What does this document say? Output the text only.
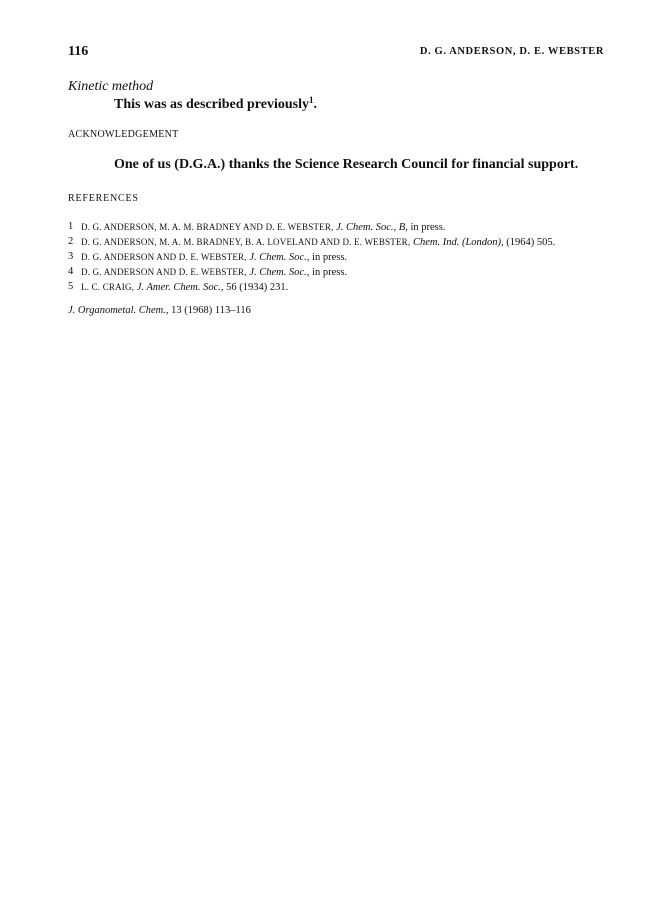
116	D. G. ANDERSON, D. E. WEBSTER
Kinetic method
This was as described previously$^1$.
ACKNOWLEDGEMENT
One of us (D.G.A.) thanks the Science Research Council for financial support.
REFERENCES
1 D. G. ANDERSON, M. A. M. BRADNEY AND D. E. WEBSTER, J. Chem. Soc., B, in press.
2 D. G. ANDERSON, M. A. M. BRADNEY, B. A. LOVELAND AND D. E. WEBSTER, Chem. Ind. (London), (1964) 505.
3 D. G. ANDERSON AND D. E. WEBSTER, J. Chem. Soc., in press.
4 D. G. ANDERSON AND D. E. WEBSTER, J. Chem. Soc., in press.
5 L. C. CRAIG, J. Amer. Chem. Soc., 56 (1934) 231.
J. Organometal. Chem., 13 (1968) 113–116
